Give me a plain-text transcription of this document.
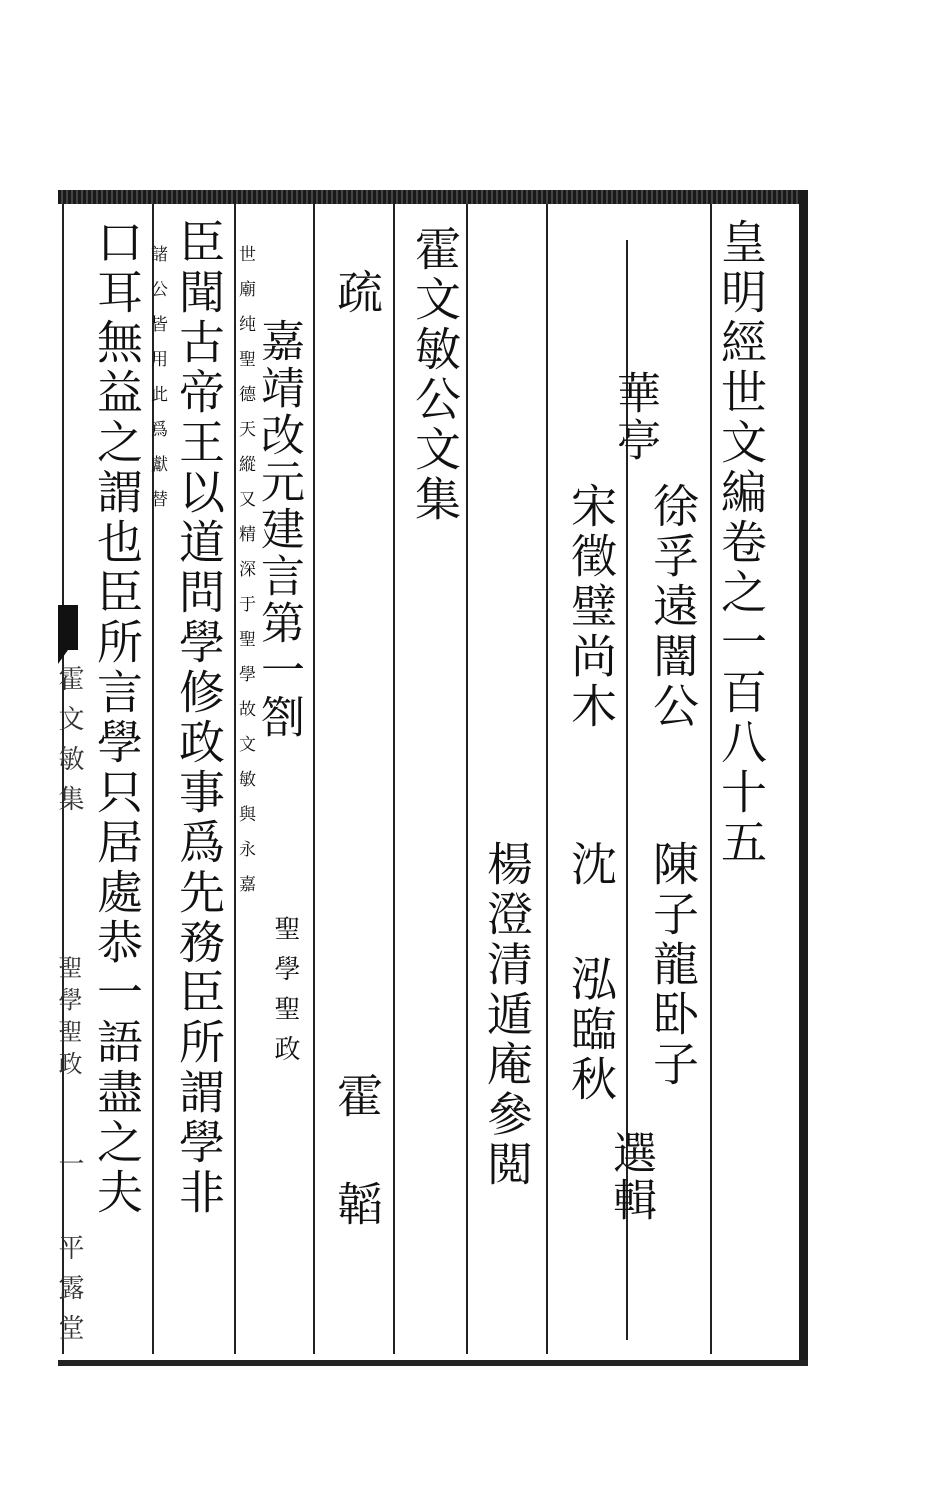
皇明經世文編卷之一百八十五
徐孚遠闇公
陳子龍卧子
選輯
華亭
宋徵璧尚木
沈
泓臨秋
楊澄清遁庵參閲
霍文敏公文集
疏
霍
韜
嘉靖改元建言第一劄
聖學聖政
世廟纯聖德天縱又精深于聖學故文敏與永嘉
諸公皆用此爲獻替 臣聞古帝王以道問學修政事爲先務臣所謂學非
口耳無益之謂也臣所言學只居處恭一語盡之夫
霍文敏集
聖學聖政
一 平露堂
